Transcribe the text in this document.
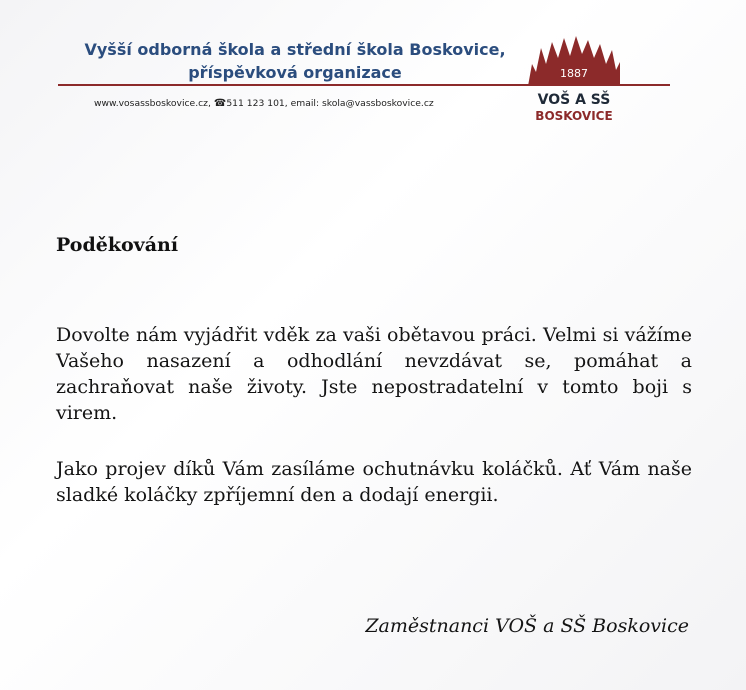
Vyšší odborná škola a střední škola Boskovice,
příspěvková organizace
www.vosassboskovice.cz, ☎511 123 101, email: skola@vassboskovice.cz
1887
VOŠ A SŠ
BOSKOVICE
Poděkování

Dovolte nám vyjádřit vděk za vaši obětavou práci. Velmi si vážíme Vašeho nasazení a odhodlání nevzdávat se, pomáhat a zachraňovat naše životy. Jste nepostradatelní v tomto boji s virem.

Jako projev díků Vám zasíláme ochutnávku koláčků. Ať Vám naše sladké koláčky zpříjemní den a dodají energii.

Zaměstnanci VOŠ a SŠ Boskovice
